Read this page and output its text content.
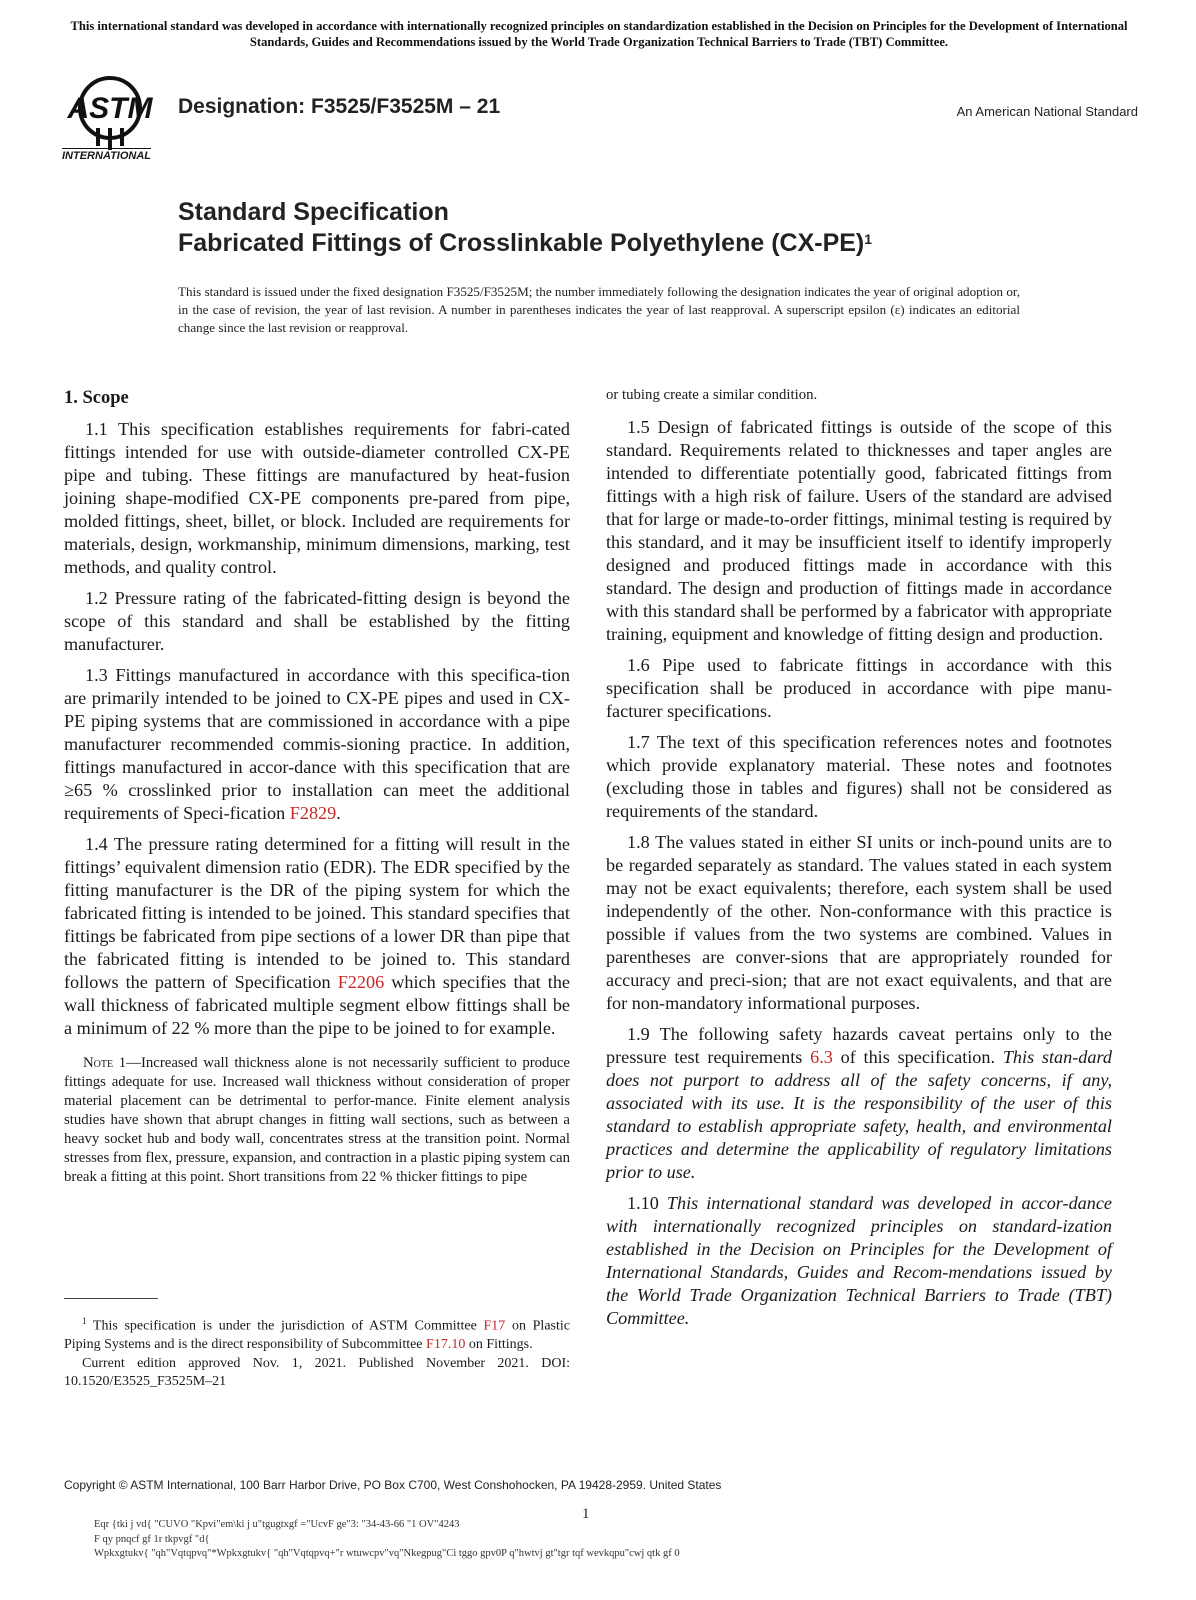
This international standard was developed in accordance with internationally recognized principles on standardization established in the Decision on Principles for the Development of International Standards, Guides and Recommendations issued by the World Trade Organization Technical Barriers to Trade (TBT) Committee.
ASTM
INTERNATIONAL
Designation: F3525/F3525M – 21	An American National Standard
Standard Specification
Fabricated Fittings of Crosslinkable Polyethylene $(CX-PE)^1$
This standard is issued under the fixed designation F3525/F3525M; the number immediately following the designation indicates the year of original adoption or, in the case of revision, the year of last revision. A number in parentheses indicates the year of last reapproval. A superscript epsilon (ε) indicates an editorial change since the last revision or reapproval.
1. Scope

1.1 This specification establishes requirements for fabri-cated fittings intended for use with outside-diameter controlled CX-PE pipe and tubing. These fittings are manufactured by heat-fusion joining shape-modified CX-PE components pre-pared from pipe, molded fittings, sheet, billet, or block. Included are requirements for materials, design, workmanship, minimum dimensions, marking, test methods, and quality control.

1.2 Pressure rating of the fabricated-fitting design is beyond the scope of this standard and shall be established by the fitting manufacturer.

1.3 Fittings manufactured in accordance with this specifica-tion are primarily intended to be joined to CX-PE pipes and used in CX-PE piping systems that are commissioned in accordance with a pipe manufacturer recommended commis-sioning practice. In addition, fittings manufactured in accor-dance with this specification that are ≥65 % crosslinked prior to installation can meet the additional requirements of Speci-fication F2829.

1.4 The pressure rating determined for a fitting will result in the fittings’ equivalent dimension ratio (EDR). The EDR specified by the fitting manufacturer is the DR of the piping system for which the fabricated fitting is intended to be joined. This standard specifies that fittings be fabricated from pipe sections of a lower DR than pipe that the fabricated fitting is intended to be joined to. This standard follows the pattern of Specification F2206 which specifies that the wall thickness of fabricated multiple segment elbow fittings shall be a minimum of 22 % more than the pipe to be joined to for example.

Note 1—Increased wall thickness alone is not necessarily sufficient to produce fittings adequate for use. Increased wall thickness without consideration of proper material placement can be detrimental to perfor-mance. Finite element analysis studies have shown that abrupt changes in fitting wall sections, such as between a heavy socket hub and body wall, concentrates stress at the transition point. Normal stresses from flex, pressure, expansion, and contraction in a plastic piping system can break a fitting at this point. Short transitions from 22 % thicker fittings to pipe

or tubing create a similar condition.

1.5 Design of fabricated fittings is outside of the scope of this standard. Requirements related to thicknesses and taper angles are intended to differentiate potentially good, fabricated fittings from fittings with a high risk of failure. Users of the standard are advised that for large or made-to-order fittings, minimal testing is required by this standard, and it may be insufficient itself to identify improperly designed and produced fittings made in accordance with this standard. The design and production of fittings made in accordance with this standard shall be performed by a fabricator with appropriate training, equipment and knowledge of fitting design and production.

1.6 Pipe used to fabricate fittings in accordance with this specification shall be produced in accordance with pipe manu-facturer specifications.

1.7 The text of this specification references notes and footnotes which provide explanatory material. These notes and footnotes (excluding those in tables and figures) shall not be considered as requirements of the standard.

1.8 The values stated in either SI units or inch-pound units are to be regarded separately as standard. The values stated in each system may not be exact equivalents; therefore, each system shall be used independently of the other. Non-conformance with this practice is possible if values from the two systems are combined. Values in parentheses are conver-sions that are appropriately rounded for accuracy and preci-sion; that are not exact equivalents, and that are for non-mandatory informational purposes.

1.9 The following safety hazards caveat pertains only to the pressure test requirements 6.3 of this specification. This stan-dard does not purport to address all of the safety concerns, if any, associated with its use. It is the responsibility of the user of this standard to establish appropriate safety, health, and environmental practices and determine the applicability of regulatory limitations prior to use.

1.10 This international standard was developed in accor-dance with internationally recognized principles on standard-ization established in the Decision on Principles for the Development of International Standards, Guides and Recom-mendations issued by the World Trade Organization Technical Barriers to Trade (TBT) Committee.

$^1$ This specification is under the jurisdiction of ASTM Committee F17 on Plastic Piping Systems and is the direct responsibility of Subcommittee F17.10 on Fittings.
Current edition approved Nov. 1, 2021. Published November 2021. DOI: 10.1520/E3525_F3525M–21
Copyright © ASTM International, 100 Barr Harbor Drive, PO Box C700, West Conshohocken, PA 19428-2959. United States
1
Eqr {tki j vd{ "CUVO "Kpvi"em\ki j u"tgugtxgf ="UcvF ge"3: "34-43-66 "1 OV"4243
F qy pnqcf gf 1r tkpvgf "d{
Wpkxgtukv{ "qh"Vqtqpvq"*Wpkxgtukv{ "qh"Vqtqpvq+"r wtuwcpv"vq"Nkegpug"Ci tggo gpv0P q"hwtvj gt"tgr tqf wevkqpu"cwj qtk gf 0
